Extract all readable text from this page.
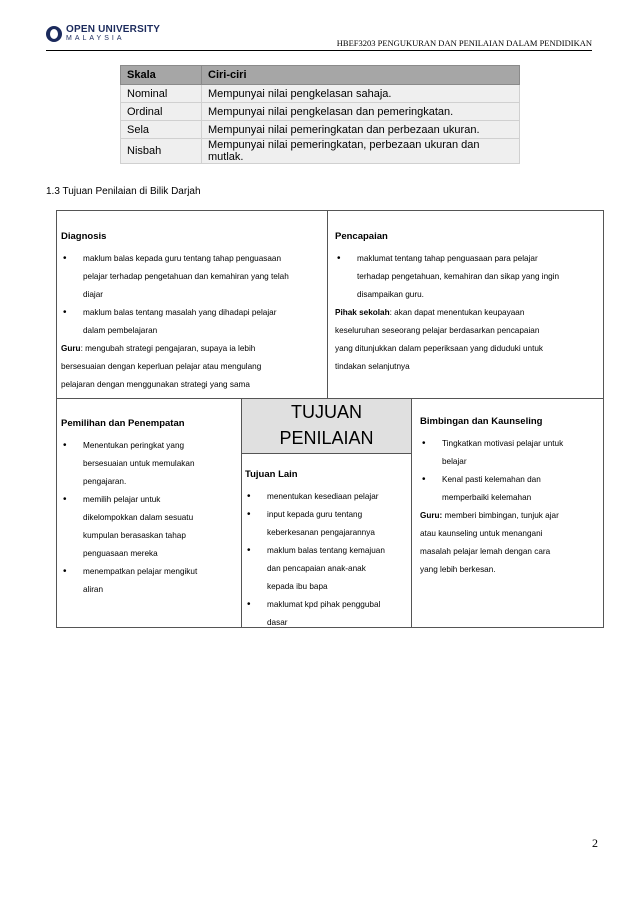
OPEN UNIVERSITY
MALAYSIA	HBEF3203 PENGUKURAN DAN PENILAIAN DALAM PENDIDIKAN
Skala	Ciri-ciri
Nominal	Mempunyai nilai pengkelasan sahaja.
Ordinal	Mempunyai nilai pengkelasan dan pemeringkatan.
Sela	Mempunyai nilai pemeringkatan dan perbezaan ukuran.
Nisbah	Mempunyai nilai pemeringkatan, perbezaan ukuran dan mutlak.
1.3 Tujuan Penilaian di Bilik Darjah
Diagnosis
• maklum balas kepada guru tentang tahap penguasaan
pelajar terhadap pengetahuan dan kemahiran yang telah
diajar
• maklum balas tentang masalah yang dihadapi pelajar
dalam pembelajaran
Guru: mengubah strategi pengajaran, supaya ia lebih
bersesuaian dengan keperluan pelajar atau mengulang
pelajaran dengan menggunakan strategi yang sama
Pencapaian
• maklumat tentang tahap penguasaan para pelajar
terhadap pengetahuan, kemahiran dan sikap yang ingin
disampaikan guru.
Pihak sekolah: akan dapat menentukan keupayaan
keseluruhan seseorang pelajar berdasarkan pencapaian
yang ditunjukkan dalam peperiksaan yang diduduki untuk
tindakan selanjutnya
Pemilihan dan Penempatan
• Menentukan peringkat yang
bersesuaian untuk memulakan
pengajaran.
• memilih pelajar untuk
dikelompokkan dalam sesuatu
kumpulan berasaskan tahap
penguasaan mereka
• menempatkan pelajar mengikut
aliran
TUJUAN
PENILAIAN
Tujuan Lain
• menentukan kesediaan pelajar
• input kepada guru tentang
keberkesanan pengajarannya
• maklum balas tentang kemajuan
dan pencapaian anak-anak
kepada ibu bapa
• maklumat kpd pihak penggubal
dasar
Bimbingan dan Kaunseling
• Tingkatkan motivasi pelajar untuk
belajar
• Kenal pasti kelemahan dan
memperbaiki kelemahan
Guru: memberi bimbingan, tunjuk ajar
atau kaunseling untuk menangani
masalah pelajar lemah dengan cara
yang lebih berkesan.
2
